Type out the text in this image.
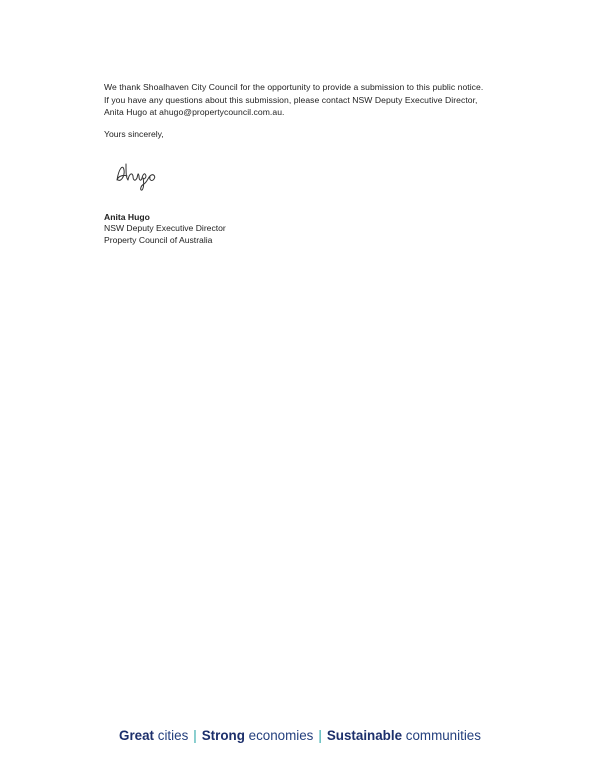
We thank Shoalhaven City Council for the opportunity to provide a submission to this public notice.

If you have any questions about this submission, please contact NSW Deputy Executive Director,

Anita Hugo at ahugo@propertycouncil.com.au.

Yours sincerely,
Anita Hugo
NSW Deputy Executive Director
Property Council of Australia
Great cities | Strong economies | Sustainable communities
